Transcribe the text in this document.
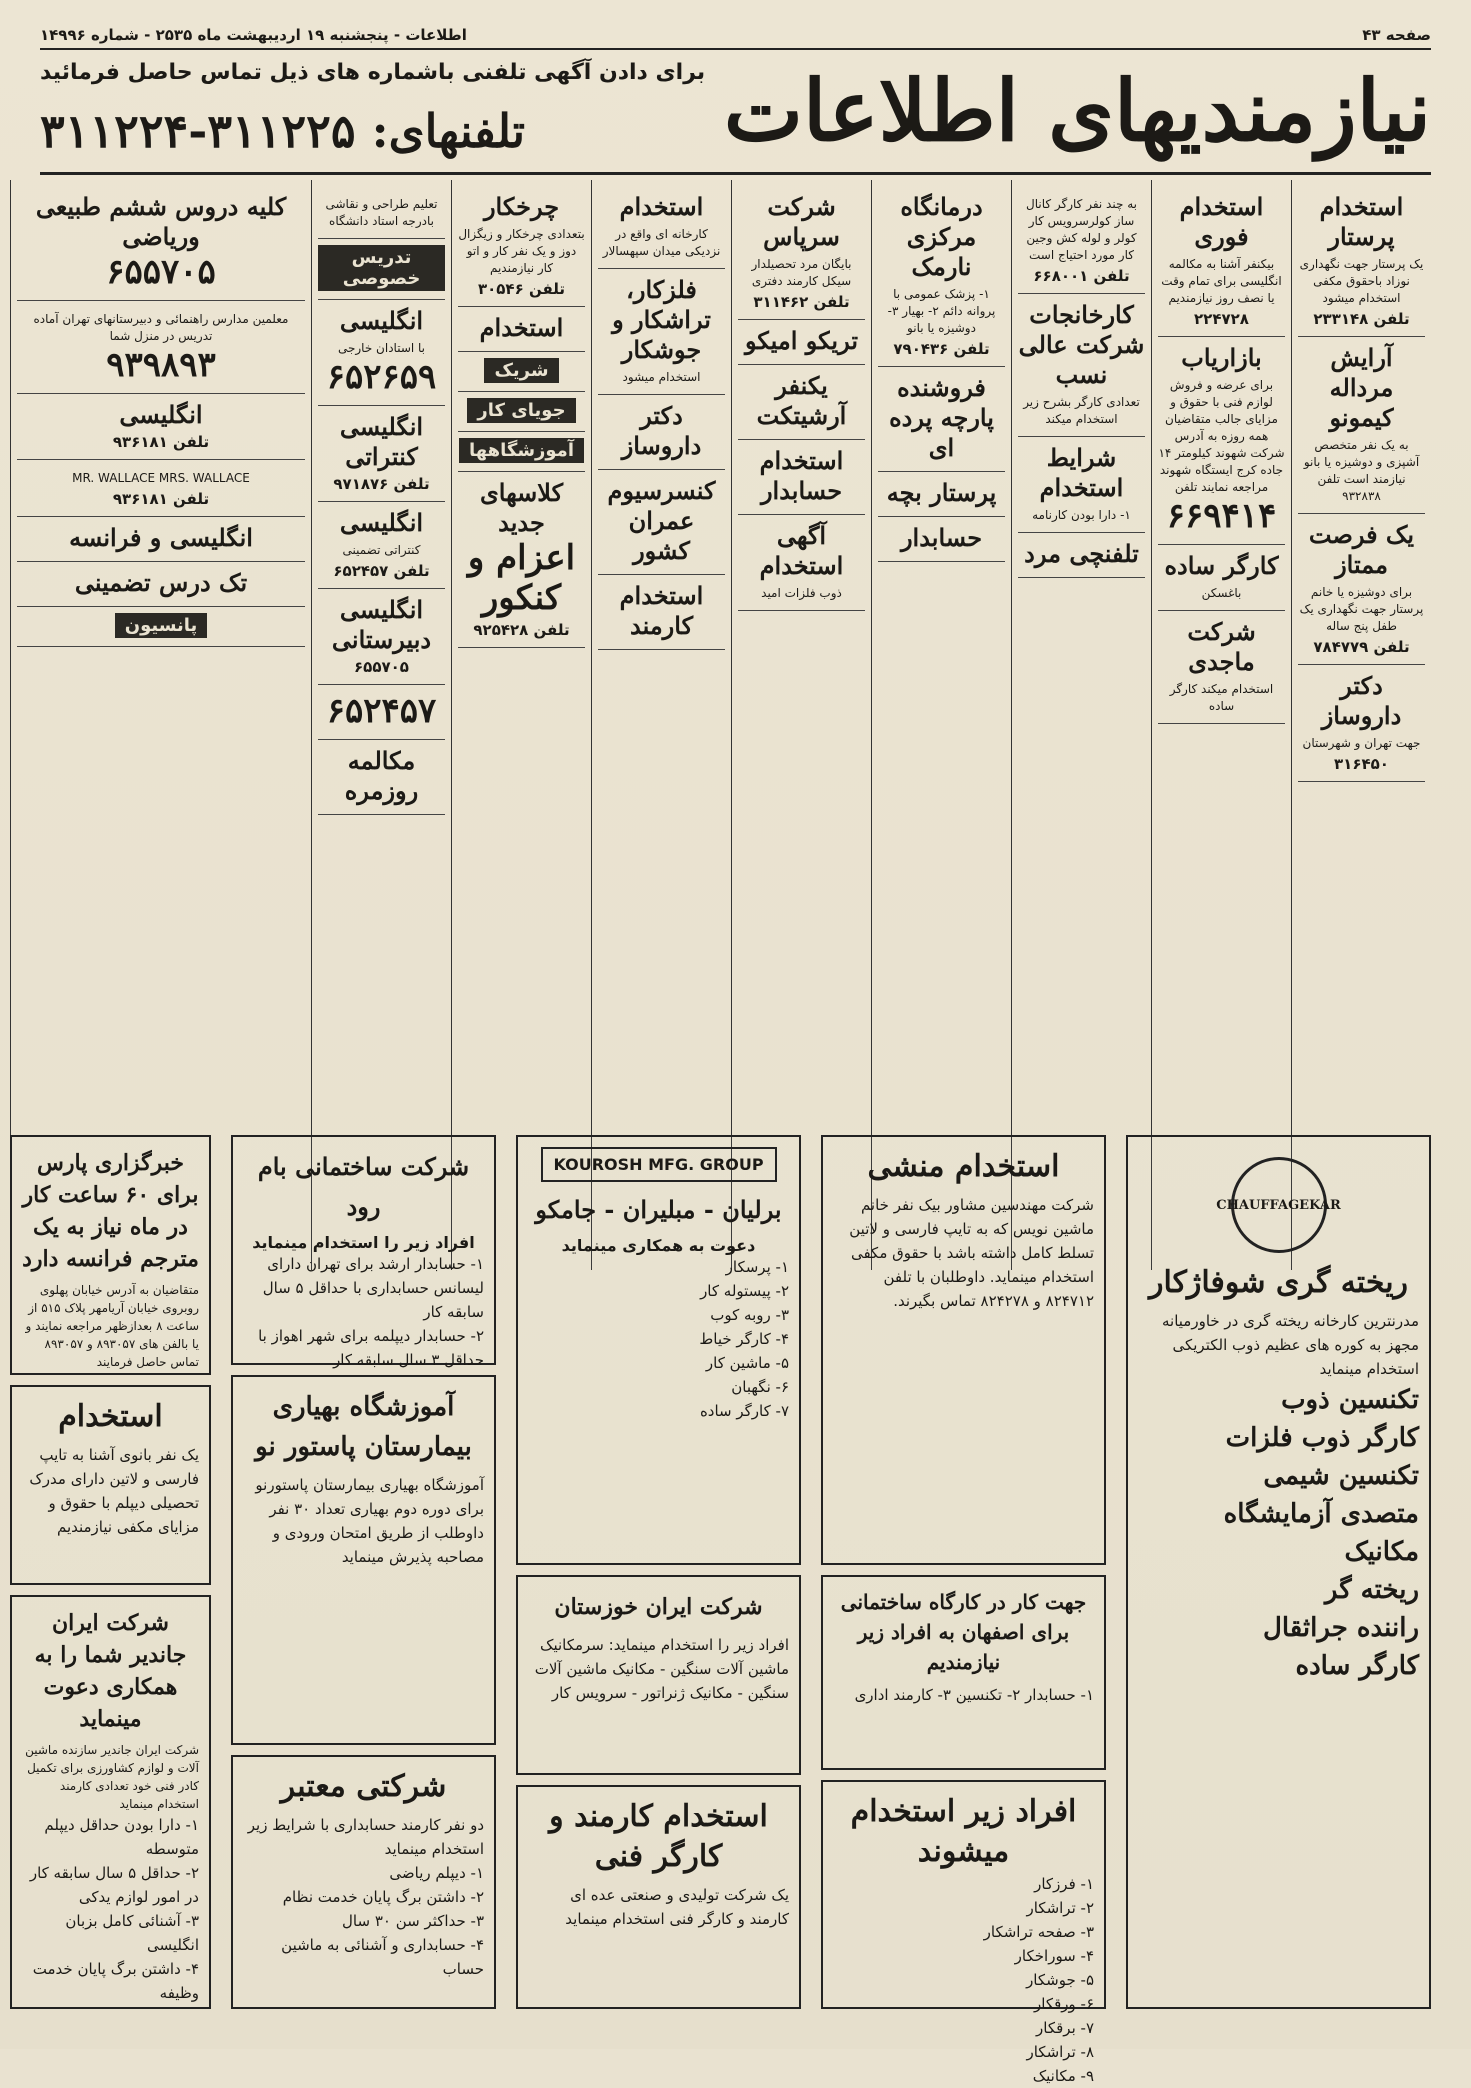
صفحه ۴۳
اطلاعات - پنجشنبه ۱۹ اردیبهشت ماه ۲۵۳۵ - شماره ۱۴۹۹۶
نیازمندیهای اطلاعات
برای دادن آگهی تلفنی باشماره های ذیل تماس حاصل فرمائید
تلفنهای: ۳۱۱۲۲۵-۳۱۱۲۲۴
استخدام پرستار
یک پرستار جهت نگهداری نوزاد باحقوق مکفی استخدام میشود
تلفن ۲۳۳۱۴۸
آرایش مرداله کیمونو
به یک نفر متخصص آشپزی و دوشیزه یا بانو نیازمند است تلفن ۹۳۲۸۳۸
یک فرصت ممتاز
برای دوشیزه یا خانم پرستار جهت نگهداری یک طفل پنج ساله
تلفن ۷۸۴۷۷۹
دکتر داروساز
جهت تهران و شهرستان
۳۱۶۴۵۰
استخدام فوری
بیکنفر آشنا به مکالمه انگلیسی برای تمام وقت یا نصف روز نیازمندیم
۲۲۴۷۲۸
بازاریاب
برای عرضه و فروش لوازم فنی با حقوق و مزایای جالب متقاضیان همه روزه به آدرس شرکت شهوند کیلومتر ۱۴ جاده کرج ایستگاه شهوند مراجعه نمایند تلفن
۶۶۹۴۱۴
کارگر ساده
باغسکن
شرکت ماجدی
استخدام میکند کارگر ساده
به چند نفر کارگر کانال ساز کولرسرویس کار کولر و لوله کش وجین کار مورد احتیاج است
تلفن ۶۶۸۰۰۱
کارخانجات شرکت عالی نسب
تعدادی کارگر بشرح زیر استخدام میکند
شرایط استخدام
۱- دارا بودن کارنامه
تلفنچی مرد
درمانگاه مرکزی نارمک
۱- پزشک عمومی با پروانه دائم ۲- بهیار ۳- دوشیزه یا بانو
تلفن ۷۹۰۴۳۶
فروشنده پارچه پرده ای
پرستار بچه
حسابدار
شرکت سرپاس
بایگان مرد تحصیلدار سیکل کارمند دفتری
تلفن ۳۱۱۴۶۲
تریکو امیکو
یکنفر آرشیتکت
استخدام حسابدار
آگهی استخدام
ذوب فلزات امید
استخدام
کارخانه ای واقع در نزدیکی میدان سپهسالار
فلزکار، تراشکار و جوشکار
استخدام میشود
دکتر داروساز
کنسرسیوم عمران کشور
استخدام کارمند
چرخکار
بتعدادی چرخکار و زیگزال دوز و یک نفر کار و اتو کار نیازمندیم
تلفن ۳۰۵۴۶
استخدام
شریک
جویای کار
آموزشگاهها
کلاسهای جدید
اعزام و کنکور
تلفن ۹۲۵۴۲۸
تعلیم طراحی و نقاشی بادرجه استاد دانشگاه
تدریس خصوصی
انگلیسی
با استادان خارجی
۶۵۲۶۵۹
انگلیسی کنتراتی
تلفن ۹۷۱۸۷۶
انگلیسی
کنتراتی تضمینی
تلفن ۶۵۲۴۵۷
انگلیسی دبیرستانی
۶۵۵۷۰۵
۶۵۲۴۵۷
مکالمه روزمره
کلیه دروس ششم طبیعی وریاضی
۶۵۵۷۰۵
معلمین مدارس راهنمائی و دبیرستانهای تهران آماده تدریس در منزل شما
۹۳۹۸۹۳
انگلیسی
تلفن ۹۳۶۱۸۱
MR. WALLACE MRS. WALLACE
تلفن ۹۳۶۱۸۱
انگلیسی و فرانسه
تک درس تضمینی
پانسیون
CHAUFFAGEKAR
ریخته گری شوفاژکار
مدرنترین کارخانه ریخته گری در خاورمیانه مجهز به کوره های عظیم ذوب الکتریکی استخدام مینماید
تکنسین ذوب
کارگر ذوب فلزات
تکنسین شیمی
متصدی آزمایشگاه
مکانیک
ریخته گر
راننده جراثقال
کارگر ساده
استخدام منشی
شرکت مهندسین مشاور بیک نفر خانم ماشین نویس که به تایپ فارسی و لاتین تسلط کامل داشته باشد با حقوق مکفی استخدام مینماید. داوطلبان با تلفن ۸۲۴۷۱۲ و ۸۲۴۲۷۸ تماس بگیرند.
جهت کار در کارگاه ساختمانی برای اصفهان به افراد زیر نیازمندیم
۱- حسابدار ۲- تکنسین ۳- کارمند اداری
افراد زیر استخدام میشوند
۱- فرزکار
۲- تراشکار
۳- صفحه تراشکار
۴- سوراخکار
۵- جوشکار
۶- ورقکار
۷- برقکار
۸- تراشکار
۹- مکانیک
KOUROSH MFG. GROUP
برلیان - مبلیران - جامکو
دعوت به همکاری مینماید
۱- پرسکار
۲- پیستوله کار
۳- روبه کوب
۴- کارگر خیاط
۵- ماشین کار
۶- نگهبان
۷- کارگر ساده
شرکت ایران خوزستان
افراد زیر را استخدام مینماید: سرمکانیک ماشین آلات سنگین - مکانیک ماشین آلات سنگین - مکانیک ژنراتور - سرویس کار
استخدام کارمند و کارگر فنی
یک شرکت تولیدی و صنعتی عده ای کارمند و کارگر فنی استخدام مینماید
شرکت ساختمانی بام رود
افراد زیر را استخدام مینماید
۱- حسابدار ارشد برای تهران دارای لیسانس حسابداری با حداقل ۵ سال سابقه کار
۲- حسابدار دیپلمه برای شهر اهواز با حداقل ۳ سال سابقه کار
آموزشگاه بهیاری بیمارستان پاستور نو
آموزشگاه بهیاری بیمارستان پاستورنو برای دوره دوم بهیاری تعداد ۳۰ نفر داوطلب از طریق امتحان ورودی و مصاحبه پذیرش مینماید
شرکتی معتبر
دو نفر کارمند حسابداری با شرایط زیر استخدام مینماید
۱- دیپلم ریاضی
۲- داشتن برگ پایان خدمت نظام
۳- حداکثر سن ۳۰ سال
۴- حسابداری و آشنائی به ماشین حساب
خبرگزاری پارس برای ۶۰ ساعت کار در ماه نیاز به یک مترجم فرانسه دارد
متقاضیان به آدرس خیابان پهلوی روبروی خیابان آریامهر پلاک ۵۱۵ از ساعت ۸ بعدازظهر مراجعه نمایند و یا بالفن های ۸۹۳۰۵۷ و ۸۹۳۰۵۷ تماس حاصل فرمایند
استخدام
یک نفر بانوی آشنا به تایپ فارسی و لاتین دارای مدرک تحصیلی دیپلم با حقوق و مزایای مکفی نیازمندیم
شرکت ایران جاندیر شما را به همکاری دعوت مینماید
شرکت ایران جاندیر سازنده ماشین آلات و لوازم کشاورزی برای تکمیل کادر فنی خود تعدادی کارمند استخدام مینماید
۱- دارا بودن حداقل دیپلم متوسطه
۲- حداقل ۵ سال سابقه کار در امور لوازم یدکی
۳- آشنائی کامل بزبان انگلیسی
۴- داشتن برگ پایان خدمت وظیفه
